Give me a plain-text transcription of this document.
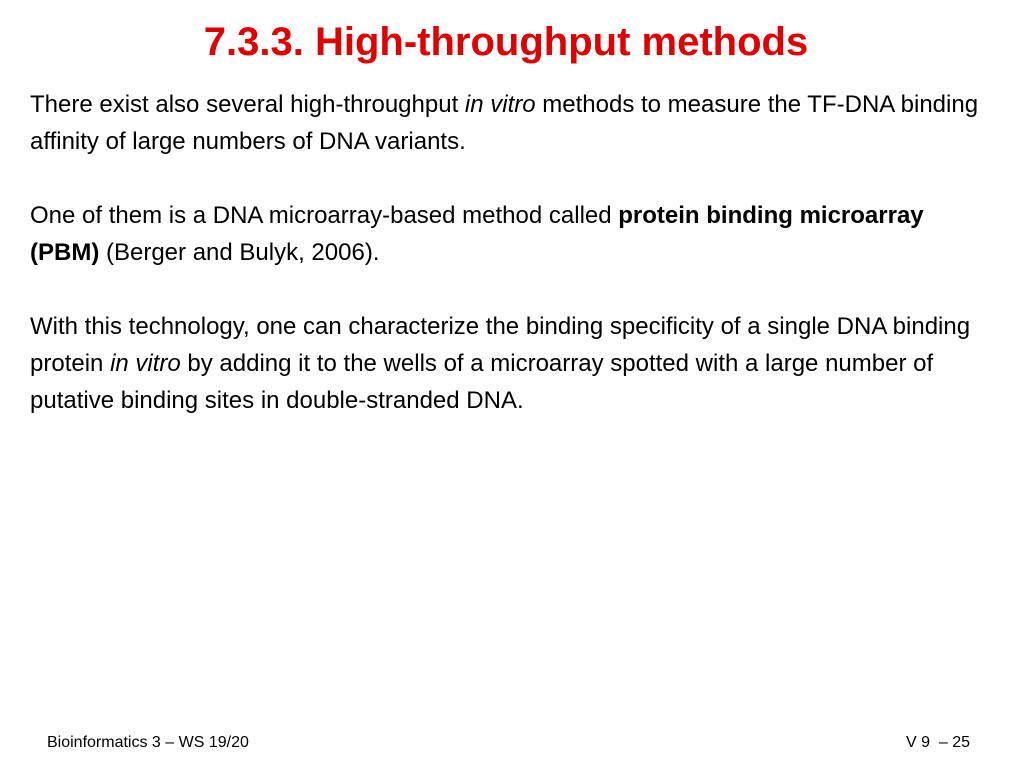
7.3.3. High-throughput methods

There exist also several high-throughput in vitro methods to measure the TF-DNA binding affinity of large numbers of DNA variants.

One of them is a DNA microarray-based method called protein binding microarray (PBM) (Berger and Bulyk, 2006).

With this technology, one can characterize the binding specificity of a single DNA binding protein in vitro by adding it to the wells of a microarray spotted with a large number of putative binding sites in double-stranded DNA.

Bioinformatics 3 – WS 19/20	V 9  – 25
